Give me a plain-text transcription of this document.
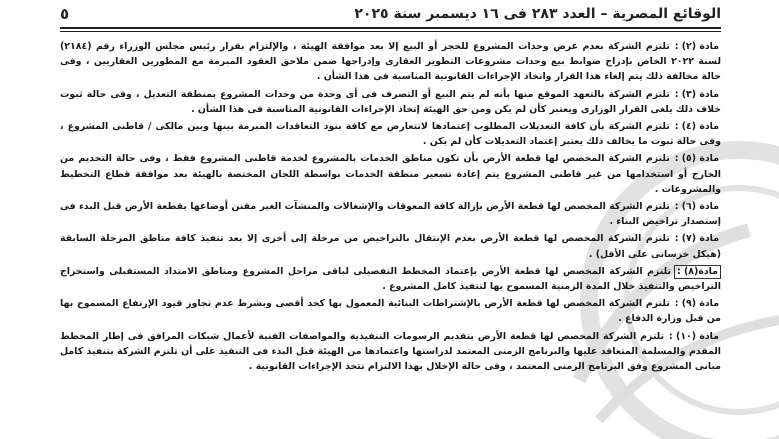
الوقائع المصرية – العدد ٢٨٣ فى ١٦ ديسمبر سنة ٢٠٢٥
٥
مادة (٢) :تلتزم الشركة بعدم عرض وحدات المشروع للحجز أو البيع إلا بعد موافقة الهيئة ، والإلتزام بقرار رئيس مجلس الوزراء رقم (٢١٨٤) لسنة ٢٠٢٢ الخاص بإدراج ضوابط بيع وحدات مشروعات التطوير العقارى وإدراجها ضمن ملاحق العقود المبرمة مع المطورين العقاريين ، وفى حالة مخالفة ذلك يتم إلغاء هذا القرار واتخاذ الإجراءات القانونية المناسبة فى هذا الشأن .
مادة (٣) :تلتزم الشركة بالتعهد الموقع منها بأنه لم يتم البيع أو التصرف فى أى وحدة من وحدات المشروع بمنطقة التعديل ، وفى حالة ثبوت خلاف ذلك يلغى القرار الوزارى ويعتبر كأن لم يكن ومن حق الهيئة إتخاذ الإجراءات القانونية المناسبة فى هذا الشأن .
مادة (٤) :تلتزم الشركة بأن كافة التعديلات المطلوب إعتمادها لاتتعارض مع كافة بنود التعاقدات المبرمة بينها وبين مالكى / قاطنى المشروع ، وفى حالة ثبوت ما يخالف ذلك يعتبر إعتماد التعديلات كأن لم يكن .
مادة (٥) :تلتزم الشركة المخصص لها قطعة الأرض بأن تكون مناطق الخدمات بالمشروع لخدمة قاطنى المشروع فقط ، وفى حالة التخديم من الخارج أو استخدامها من غير قاطنى المشروع يتم إعادة تسعير منطقة الخدمات بواسطة اللجان المختصة بالهيئة بعد موافقة قطاع التخطيط والمشروعات .
مادة (٦) :تلتزم الشركة المخصص لها قطعة الأرض بإزالة كافة المعوقات والإشغالات والمنشآت الغير مقنن أوضاعها بقطعة الأرض قبل البدء فى إستصدار تراخيص البناء .
مادة (٧) :تلتزم الشركة المخصص لها قطعة الأرض بعدم الإنتقال بالتراخيص من مرحلة إلى أخرى إلا بعد تنفيذ كافة مناطق المرحلة السابقة (هيكل خرسانى على الأقل) .
مادة(٨) :تلتزم الشركة المخصص لها قطعة الأرض بإعتماد المخطط التفصيلى لباقى مراحل المشروع ومناطق الامتداد المستقبلى واستخراج التراخيص والتنفيذ خلال المدة الزمنية المسموح بها لتنفيذ كامل المشروع .
مادة (٩) :تلتزم الشركة المخصص لها قطعة الأرض بالإشتراطات البنائية المعمول بها كحد أقصى وبشرط عدم تجاوز قيود الإرتفاع المسموح بها من قبل وزارة الدفاع .
مادة (١٠) :تلتزم الشركة المخصص لها قطعة الأرض بتقديم الرسومات التنفيذية والمواصفات الفنية لأعمال شبكات المرافق فى إطار المخطط المقدم والمسلمة المتعاقد عليها والبرنامج الزمنى المعتمد لدراستها واعتمادها من الهيئة قبل البدء فى التنفيذ على أن تلتزم الشركة بتنفيذ كامل مبانى المشروع وفق البرنامج الزمنى المعتمد ، وفى حالة الإخلال بهذا الالتزام تتخذ الإجراءات القانونية .
